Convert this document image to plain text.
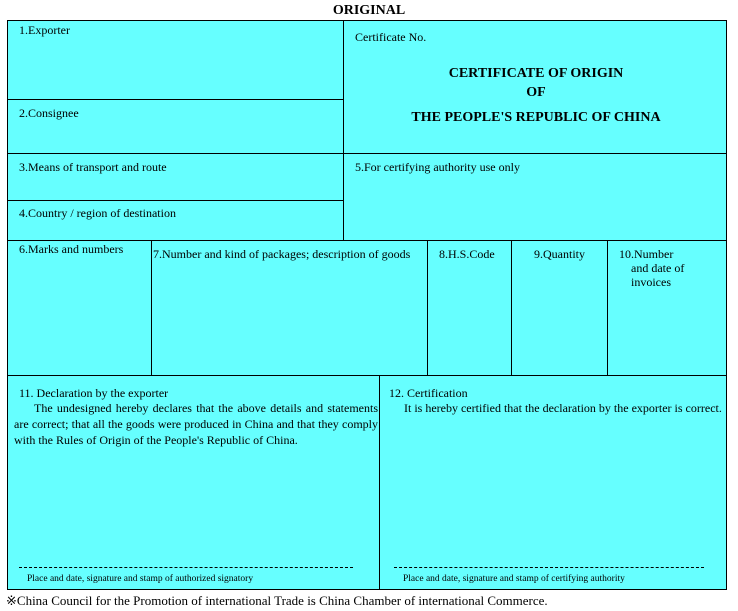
ORIGINAL
1.Exporter	Certificate No.
CERTIFICATE OF ORIGIN
OF
THE PEOPLE'S REPUBLIC OF CHINA
2.Consignee
3.Means of transport and route	5.For certifying authority use only
4.Country / region of destination
6.Marks and numbers 7.Number and kind of packages; description of goods 8.H.S.Code	9.Quantity	10.Number
and date of
invoices
11. Declaration by the exporter
The undesigned hereby declares that the above details and statements are correct; that all the goods were produced in China and that they comply with the Rules of Origin of the People's Republic of China.
Place and date, signature and stamp of authorized signatory
12. Certification
It is hereby certified that the declaration by the exporter is correct.
Place and date, signature and stamp of certifying authority
※China Council for the Promotion of international Trade is China Chamber of international Commerce.
